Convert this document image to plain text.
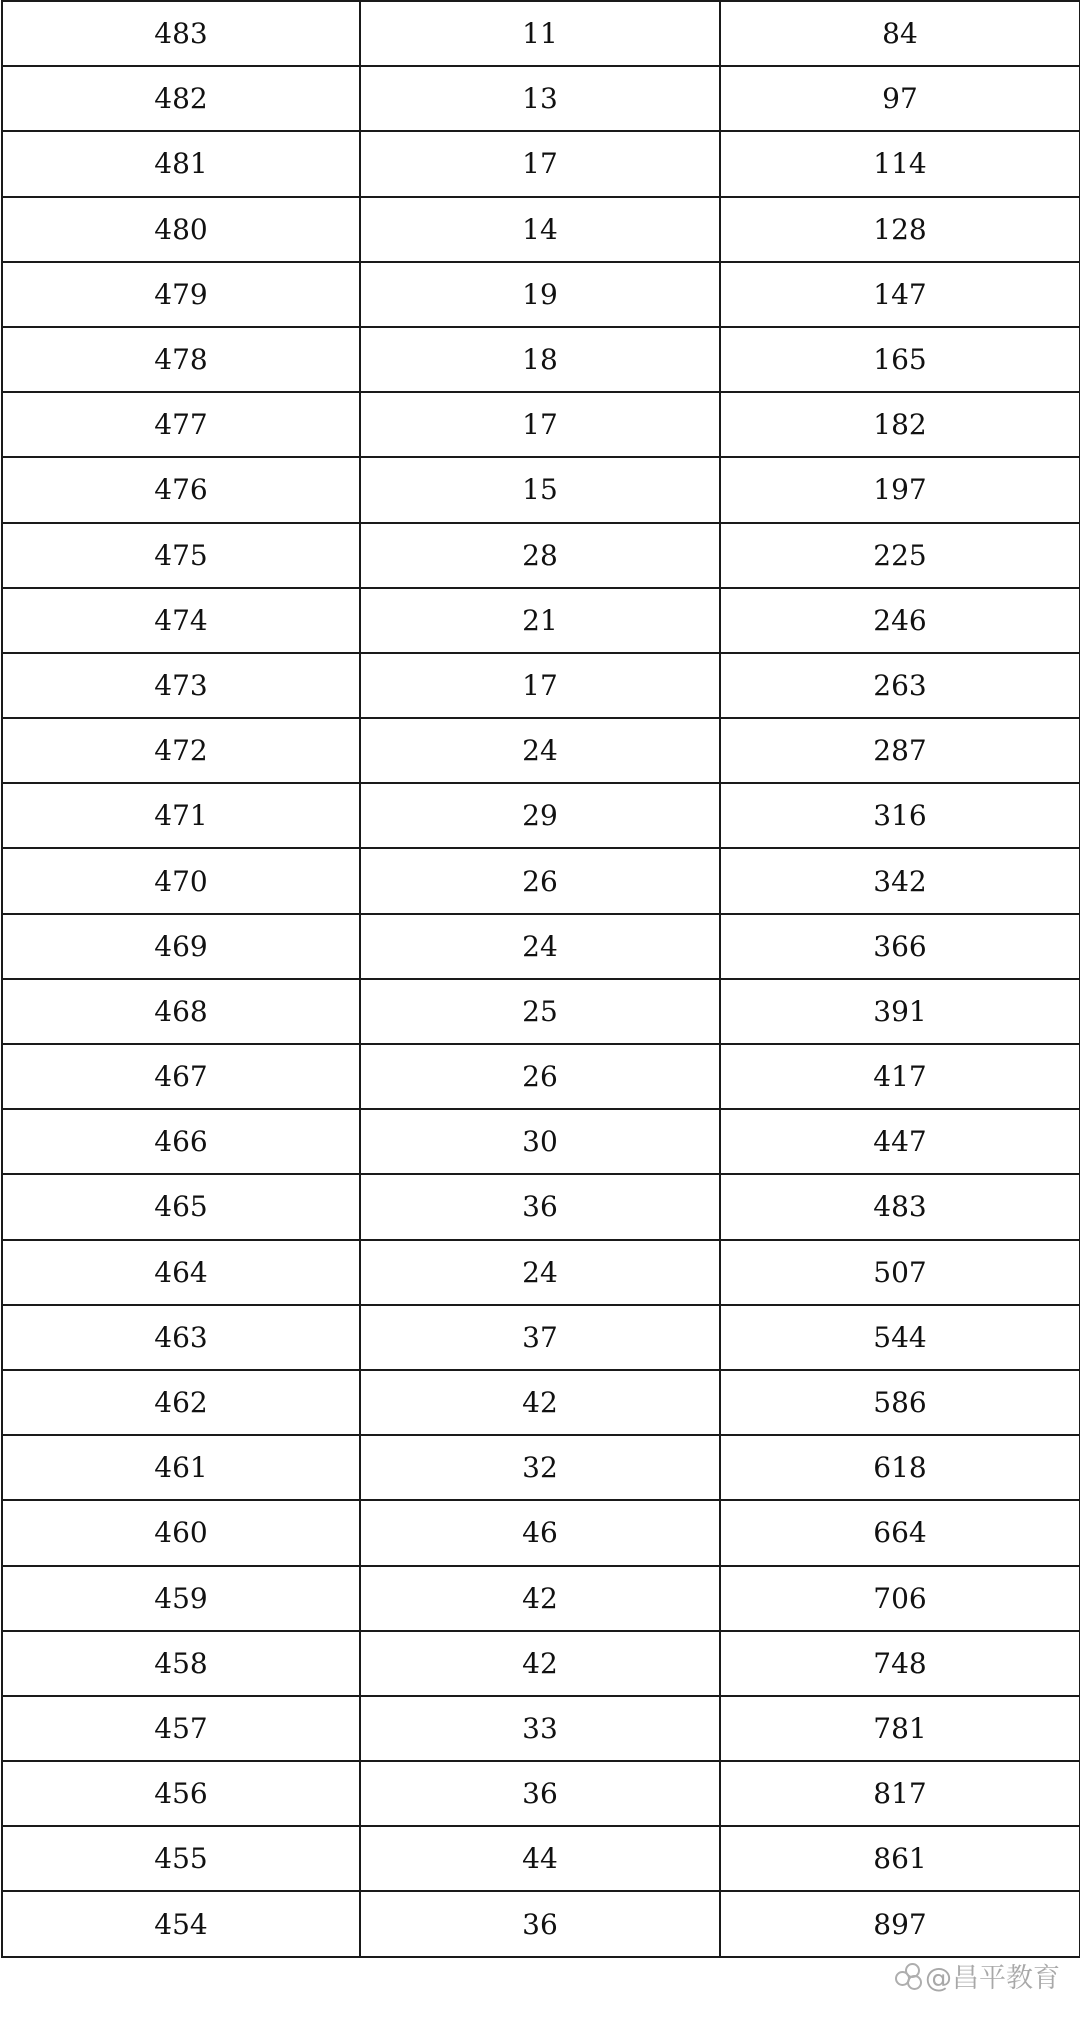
483	11	84
482	13	97
481	17	114
480	14	128
479	19	147
478	18	165
477	17	182
476	15	197
475	28	225
474	21	246
473	17	263
472	24	287
471	29	316
470	26	342
469	24	366
468	25	391
467	26	417
466	30	447
465	36	483
464	24	507
463	37	544
462	42	586
461	32	618
460	46	664
459	42	706
458	42	748
457	33	781
456	36	817
455	44	861
454	36	897
@昌平教育
